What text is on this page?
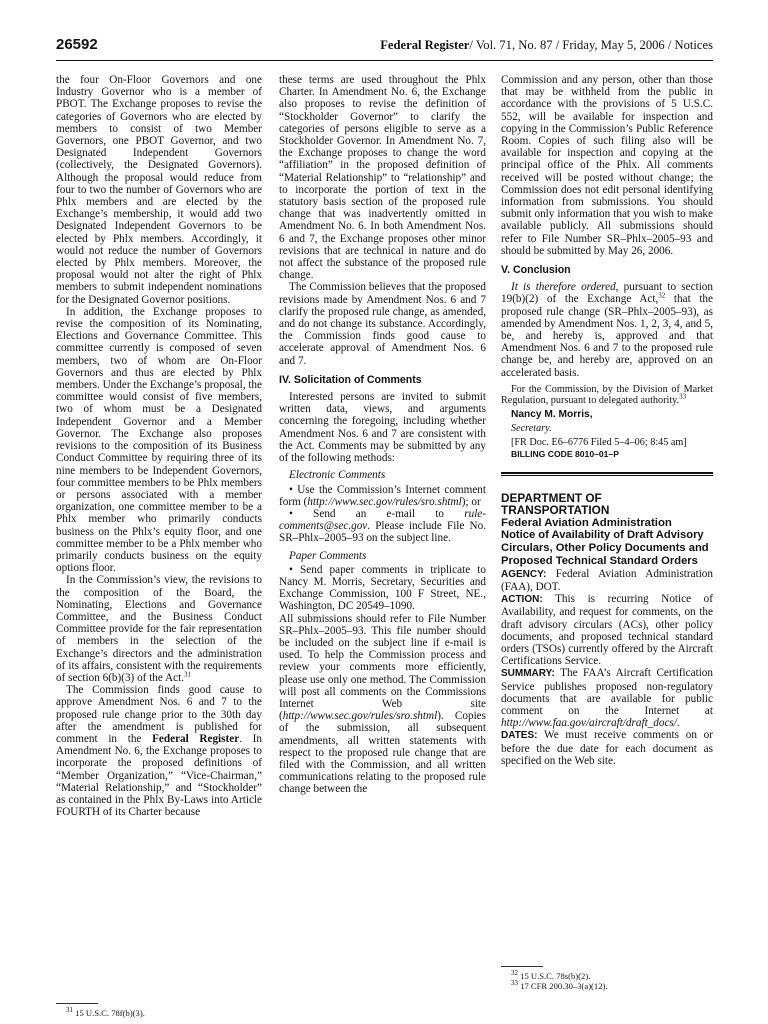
26592	Federal Register/ Vol. 71, No. 87 / Friday, May 5, 2006 / Notices

the four On-Floor Governors and one Industry Governor who is a member of PBOT. The Exchange proposes to revise the categories of Governors who are elected by members to consist of two Member Governors, one PBOT Governor, and two Designated Independent Governors (collectively, the Designated Governors). Although the proposal would reduce from four to two the number of Governors who are Phlx members and are elected by the Exchange’s membership, it would add two Designated Independent Governors to be elected by Phlx members. Accordingly, it would not reduce the number of Governors elected by Phlx members. Moreover, the proposal would not alter the right of Phlx members to submit independent nominations for the Designated Governor positions.

In addition, the Exchange proposes to revise the composition of its Nominating, Elections and Governance Committee. This committee currently is composed of seven members, two of whom are On-Floor Governors and thus are elected by Phlx members. Under the Exchange’s proposal, the committee would consist of five members, two of whom must be a Designated Independent Governor and a Member Governor. The Exchange also proposes revisions to the composition of its Business Conduct Committee by requiring three of its nine members to be Independent Governors, four committee members to be Phlx members or persons associated with a member organization, one committee member to be a Phlx member who primarily conducts business on the Phlx’s equity floor, and one committee member to be a Phlx member who primarily conducts business on the equity options floor.

In the Commission’s view, the revisions to the composition of the Board, the Nominating, Elections and Governance Committee, and the Business Conduct Committee provide for the fair representation of members in the selection of the Exchange’s directors and the administration of its affairs, consistent with the requirements of section 6(b)(3) of the Act.$^{31}$

The Commission finds good cause to approve Amendment Nos. 6 and 7 to the proposed rule change prior to the 30th day after the amendment is published for comment in the Federal Register. In Amendment No. 6, the Exchange proposes to incorporate the proposed definitions of “Member Organization,” “Vice-Chairman,” “Material Relationship,” and “Stockholder” as contained in the Phlx By-Laws into Article FOURTH of its Charter because

$^{31}$ 15 U.S.C. 78f(b)(3).

these terms are used throughout the Phlx Charter. In Amendment No. 6, the Exchange also proposes to revise the definition of “Stockholder Governor” to clarify the categories of persons eligible to serve as a Stockholder Governor. In Amendment No. 7, the Exchange proposes to change the word “affiliation” in the proposed definition of “Material Relationship” to “relationship” and to incorporate the portion of text in the statutory basis section of the proposed rule change that was inadvertently omitted in Amendment No. 6. In both Amendment Nos. 6 and 7, the Exchange proposes other minor revisions that are technical in nature and do not affect the substance of the proposed rule change.

The Commission believes that the proposed revisions made by Amendment Nos. 6 and 7 clarify the proposed rule change, as amended, and do not change its substance. Accordingly, the Commission finds good cause to accelerate approval of Amendment Nos. 6 and 7.

IV. Solicitation of Comments

Interested persons are invited to submit written data, views, and arguments concerning the foregoing, including whether Amendment Nos. 6 and 7 are consistent with the Act. Comments may be submitted by any of the following methods:

Electronic Comments

• Use the Commission’s Internet comment form (http://www.sec.gov/rules/sro.shtml); or

• Send an e-mail to rule-comments@sec.gov. Please include File No. SR–Phlx–2005–93 on the subject line.

Paper Comments

• Send paper comments in triplicate to Nancy M. Morris, Secretary, Securities and Exchange Commission, 100 F Street, NE., Washington, DC 20549–1090.

All submissions should refer to File Number SR–Phlx–2005–93. This file number should be included on the subject line if e-mail is used. To help the Commission process and review your comments more efficiently, please use only one method. The Commission will post all comments on the Commissions Internet Web site (http://www.sec.gov/rules/sro.shtml). Copies of the submission, all subsequent amendments, all written statements with respect to the proposed rule change that are filed with the Commission, and all written communications relating to the proposed rule change between the

Commission and any person, other than those that may be withheld from the public in accordance with the provisions of 5 U.S.C. 552, will be available for inspection and copying in the Commission’s Public Reference Room. Copies of such filing also will be available for inspection and copying at the principal office of the Phlx. All comments received will be posted without change; the Commission does not edit personal identifying information from submissions. You should submit only information that you wish to make available publicly. All submissions should refer to File Number SR–Phlx–2005–93 and should be submitted by May 26, 2006.

V. Conclusion

It is therefore ordered, pursuant to section 19(b)(2) of the Exchange Act,$^{32}$ that the proposed rule change (SR–Phlx–2005–93), as amended by Amendment Nos. 1, 2, 3, 4, and 5, be, and hereby is, approved and that Amendment Nos. 6 and 7 to the proposed rule change be, and hereby are, approved on an accelerated basis.

For the Commission, by the Division of Market Regulation, pursuant to delegated authority.$^{33}$

Nancy M. Morris,

Secretary.

[FR Doc. E6–6776 Filed 5–4–06; 8:45 am]

BILLING CODE 8010–01–P

DEPARTMENT OF TRANSPORTATION

Federal Aviation Administration

Notice of Availability of Draft Advisory Circulars, Other Policy Documents and Proposed Technical Standard Orders

AGENCY: Federal Aviation Administration (FAA), DOT.

ACTION: This is recurring Notice of Availability, and request for comments, on the draft advisory circulars (ACs), other policy documents, and proposed technical standard orders (TSOs) currently offered by the Aircraft Certifications Service.

SUMMARY: The FAA’s Aircraft Certification Service publishes proposed non-regulatory documents that are available for public comment on the Internet at http://www.faa.gov/aircraft/draft_docs/.

DATES: We must receive comments on or before the due date for each document as specified on the Web site.

$^{32}$ 15 U.S.C. 78s(b)(2).
$^{33}$ 17 CFR 200.30–3(a)(12).
